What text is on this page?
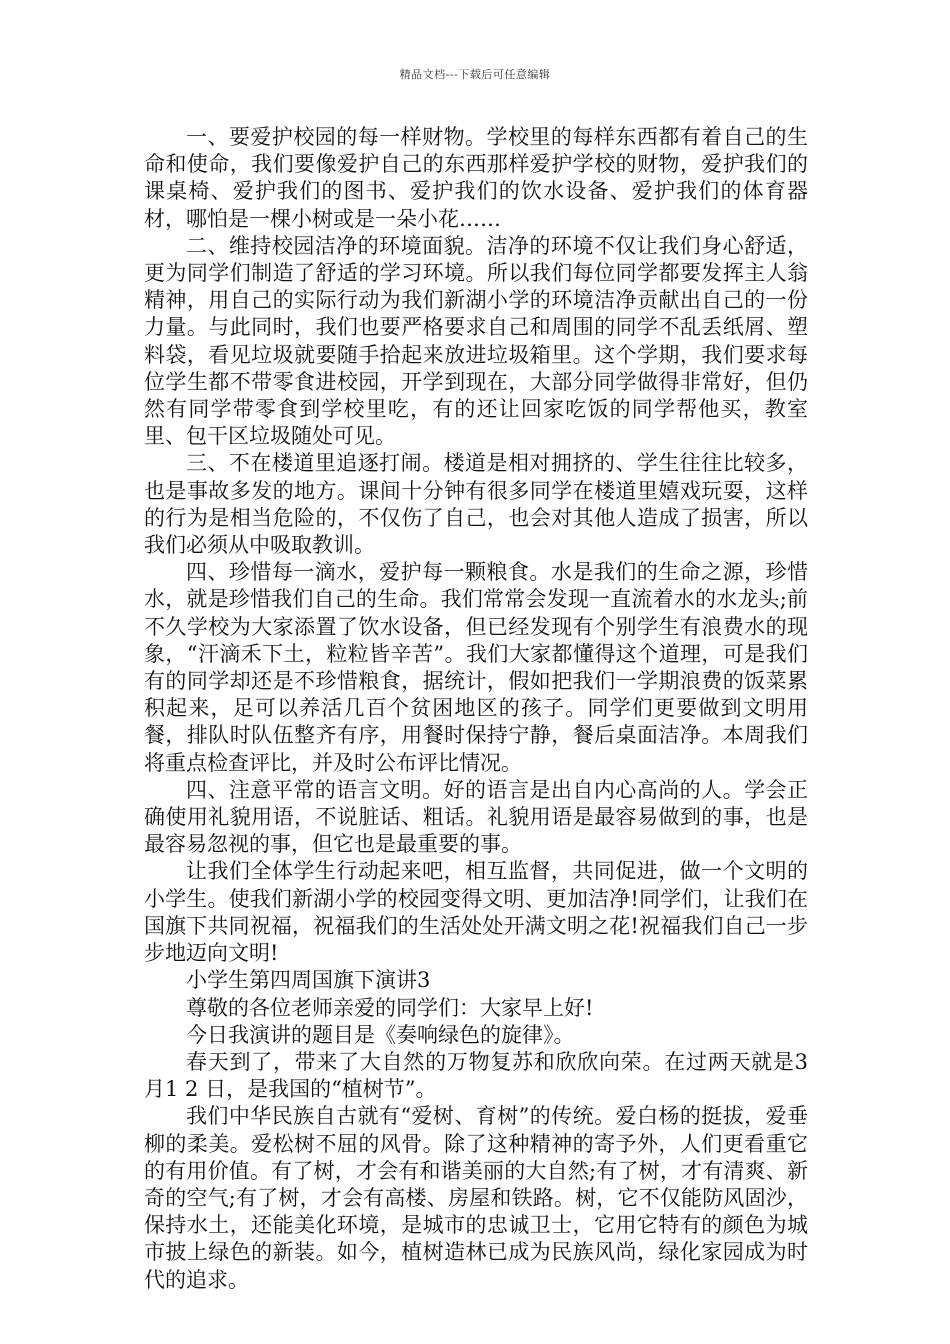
精品文档---下载后可任意编辑

一、要爱护校园的每一样财物。学校里的每样东西都有着自己的生命和使命，我们要像爱护自己的东西那样爱护学校的财物，爱护我们的课桌椅、爱护我们的图书、爱护我们的饮水设备、爱护我们的体育器材，哪怕是一棵小树或是一朵小花……

二、维持校园洁净的环境面貌。洁净的环境不仅让我们身心舒适，更为同学们制造了舒适的学习环境。所以我们每位同学都要发挥主人翁精神，用自己的实际行动为我们新湖小学的环境洁净贡献出自己的一份力量。与此同时，我们也要严格要求自己和周围的同学不乱丢纸屑、塑料袋，看见垃圾就要随手拾起来放进垃圾箱里。这个学期，我们要求每位学生都不带零食进校园，开学到现在，大部分同学做得非常好，但仍然有同学带零食到学校里吃，有的还让回家吃饭的同学帮他买，教室里、包干区垃圾随处可见。

三、不在楼道里追逐打闹。楼道是相对拥挤的、学生往往比较多，也是事故多发的地方。课间十分钟有很多同学在楼道里嬉戏玩耍，这样的行为是相当危险的，不仅伤了自己，也会对其他人造成了损害，所以我们必须从中吸取教训。

四、珍惜每一滴水，爱护每一颗粮食。水是我们的生命之源，珍惜水，就是珍惜我们自己的生命。我们常常会发现一直流着水的水龙头;前不久学校为大家添置了饮水设备，但已经发现有个别学生有浪费水的现象，“汗滴禾下土，粒粒皆辛苦”。我们大家都懂得这个道理，可是我们有的同学却还是不珍惜粮食，据统计，假如把我们一学期浪费的饭菜累积起来，足可以养活几百个贫困地区的孩子。同学们更要做到文明用餐，排队时队伍整齐有序，用餐时保持宁静，餐后桌面洁净。本周我们将重点检查评比，并及时公布评比情况。

四、注意平常的语言文明。好的语言是出自内心高尚的人。学会正确使用礼貌用语，不说脏话、粗话。礼貌用语是最容易做到的事，也是最容易忽视的事，但它也是最重要的事。

让我们全体学生行动起来吧，相互监督，共同促进，做一个文明的小学生。使我们新湖小学的校园变得文明、更加洁净!同学们，让我们在国旗下共同祝福，祝福我们的生活处处开满文明之花!祝福我们自己一步步地迈向文明!

小学生第四周国旗下演讲3

尊敬的各位老师亲爱的同学们：大家早上好!

今日我演讲的题目是《奏响绿色的旋律》。

春天到了，带来了大自然的万物复苏和欣欣向荣。在过两天就是3 月1 2 日，是我国的“植树节”。

我们中华民族自古就有“爱树、育树”的传统。爱白杨的挺拔，爱垂柳的柔美。爱松树不屈的风骨。除了这种精神的寄予外，人们更看重它的有用价值。有了树，才会有和谐美丽的大自然;有了树，才有清爽、新奇的空气;有了树，才会有高楼、房屋和铁路。树，它不仅能防风固沙，保持水土，还能美化环境，是城市的忠诚卫士，它用它特有的颜色为城市披上绿色的新装。如今，植树造林已成为民族风尚，绿化家园成为时代的追求。
